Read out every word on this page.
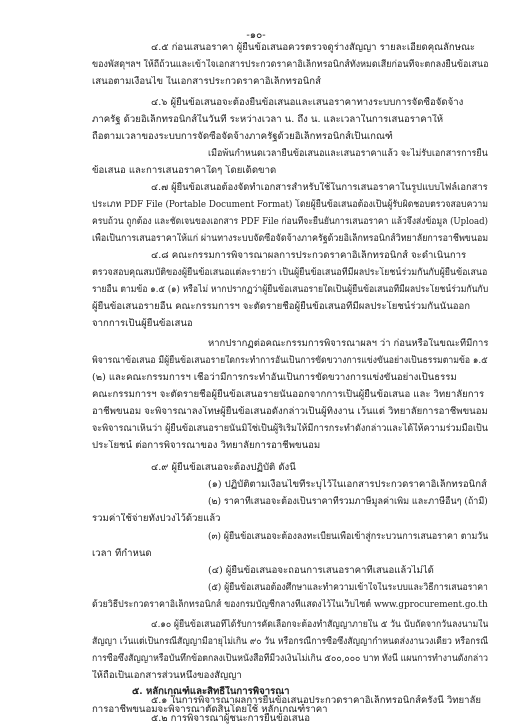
-๑๐-
๔.๕ ก่อนเสนอราคา ผู้ยื่นข้อเสนอควรตรวจดูร่างสัญญา รายละเอียดคุณลักษณะ
ของพัสดุฯลฯ ให้ถี่ถ้วนและเข้าใจเอกสารประกวดราคาอิเล็กทรอนิกส์ทั้งหมดเสียก่อนที่จะตกลงยื่นข้อเสนอ
เสนอตามเงื่อนไข ในเอกสารประกวดราคาอิเล็กทรอนิกส์
๔.๖ ผู้ยื่นข้อเสนอจะต้องยื่นข้อเสนอและเสนอราคาทางระบบการจัดซื้อจัดจ้าง
ภาครัฐ ด้วยอิเล็กทรอนิกส์ในวันที่ ระหว่างเวลา น. ถึง น. และเวลาในการเสนอราคาให้
ถือตามเวลาของระบบการจัดซื้อจัดจ้างภาครัฐด้วยอิเล็กทรอนิกส์เป็นเกณฑ์
เมื่อพ้นกำหนดเวลายื่นข้อเสนอและเสนอราคาแล้ว จะไม่รับเอกสารการยื่น
ข้อเสนอ และการเสนอราคาใดๆ โดยเด็ดขาด
๔.๗ ผู้ยื่นข้อเสนอต้องจัดทำเอกสารสำหรับใช้ในการเสนอราคาในรูปแบบไฟล์เอกสาร
ประเภท PDF File (Portable Document Format) โดยผู้ยื่นข้อเสนอต้องเป็นผู้รับผิดชอบตรวจสอบความ
ครบถ้วน ถูกต้อง และชัดเจนของเอกสาร PDF File ก่อนที่จะยืนยันการเสนอราคา แล้วจึงส่งข้อมูล (Upload)
เพื่อเป็นการเสนอราคาให้แก่ ผ่านทางระบบจัดซื้อจัดจ้างภาครัฐด้วยอิเล็กทรอนิกส์วิทยาลัยการอาชีพขนอม
๔.๘ คณะกรรมการพิจารณาผลการประกวดราคาอิเล็กทรอนิกส์ จะดำเนินการ
ตรวจสอบคุณสมบัติของผู้ยื่นข้อเสนอแต่ละรายว่า เป็นผู้ยื่นข้อเสนอที่มีผลประโยชน์ร่วมกันกับผู้ยื่นข้อเสนอ
รายอื่น ตามข้อ ๑.๕ (๑) หรือไม่ หากปรากฏว่าผู้ยื่นข้อเสนอรายใดเป็นผู้ยื่นข้อเสนอที่มีผลประโยชน์ร่วมกันกับ
ผู้ยื่นข้อเสนอรายอื่น คณะกรรมการฯ จะตัดรายชื่อผู้ยื่นข้อเสนอที่มีผลประโยชน์ร่วมกันนั้นออก
จากการเป็นผู้ยื่นข้อเสนอ
หากปรากฏต่อคณะกรรมการพิจารณาผลฯ ว่า ก่อนหรือในขณะที่มีการ
พิจารณาข้อเสนอ มีผู้ยื่นข้อเสนอรายใดกระทำการอันเป็นการขัดขวางการแข่งขันอย่างเป็นธรรมตามข้อ ๑.๕
(๒) และคณะกรรมการฯ เชื่อว่ามีการกระทำอันเป็นการขัดขวางการแข่งขันอย่างเป็นธรรม
คณะกรรมการฯ จะตัดรายชื่อผู้ยื่นข้อเสนอรายนั้นออกจากการเป็นผู้ยื่นข้อเสนอ และ วิทยาลัยการ
อาชีพขนอม จะพิจารณาลงโทษผู้ยื่นข้อเสนอดังกล่าวเป็นผู้ทิ้งงาน เว้นแต่ วิทยาลัยการอาชีพขนอม
จะพิจารณาเห็นว่า ผู้ยื่นข้อเสนอรายนั้นมิใช่เป็นผู้ริเริ่มให้มีการกระทำดังกล่าวและได้ให้ความร่วมมือเป็น
ประโยชน์ ต่อการพิจารณาของ วิทยาลัยการอาชีพขนอม
๔.๙ ผู้ยื่นข้อเสนอจะต้องปฏิบัติ ดังนี้
(๑) ปฏิบัติตามเงื่อนไขที่ระบุไว้ในเอกสารประกวดราคาอิเล็กทรอนิกส์
(๒) ราคาที่เสนอจะต้องเป็นราคาที่รวมภาษีมูลค่าเพิ่ม และภาษีอื่นๆ (ถ้ามี)
รวมค่าใช้จ่ายทั้งปวงไว้ด้วยแล้ว
(๓) ผู้ยื่นข้อเสนอจะต้องลงทะเบียนเพื่อเข้าสู่กระบวนการเสนอราคา ตามวัน
เวลา ที่กำหนด
(๔) ผู้ยื่นข้อเสนอจะถอนการเสนอราคาที่เสนอแล้วไม่ได้
(๕) ผู้ยื่นข้อเสนอต้องศึกษาและทำความเข้าใจในระบบและวิธีการเสนอราคา
ด้วยวิธีประกวดราคาอิเล็กทรอนิกส์ ของกรมบัญชีกลางที่แสดงไว้ในเว็บไซต์ www.gprocurement.go.th
๔.๑๐ ผู้ยื่นข้อเสนอที่ได้รับการคัดเลือกจะต้องทำสัญญาภายใน ๕ วัน นับถัดจากวันลงนามใน
สัญญา เว้นแต่เป็นกรณีสัญญามีอายุไม่เกิน ๙๐ วัน หรือกรณีการซื้อซึ่งสัญญากำหนดส่งงานวงเดียว หรือกรณี
การซื้อซึ่งสัญญาหรือบันทึกข้อตกลงเป็นหนังสือที่มีวงเงินไม่เกิน ๕๐๐,๐๐๐ บาท ทั้งนี้ แผนการทำงานดังกล่าว
ให้ถือเป็นเอกสารส่วนหนึ่งของสัญญา
๕. หลักเกณฑ์และสิทธิ์ในการพิจารณา
๕.๑ ในการพิจารณาผลการยื่นข้อเสนอประกวดราคาอิเล็กทรอนิกส์ครั้งนี้ วิทยาลัย
การอาชีพขนอมจะพิจารณาตัดสินโดยใช้ หลักเกณฑ์ราคา
๕.๒ การพิจารณาผู้ชนะการยื่นข้อเสนอ
